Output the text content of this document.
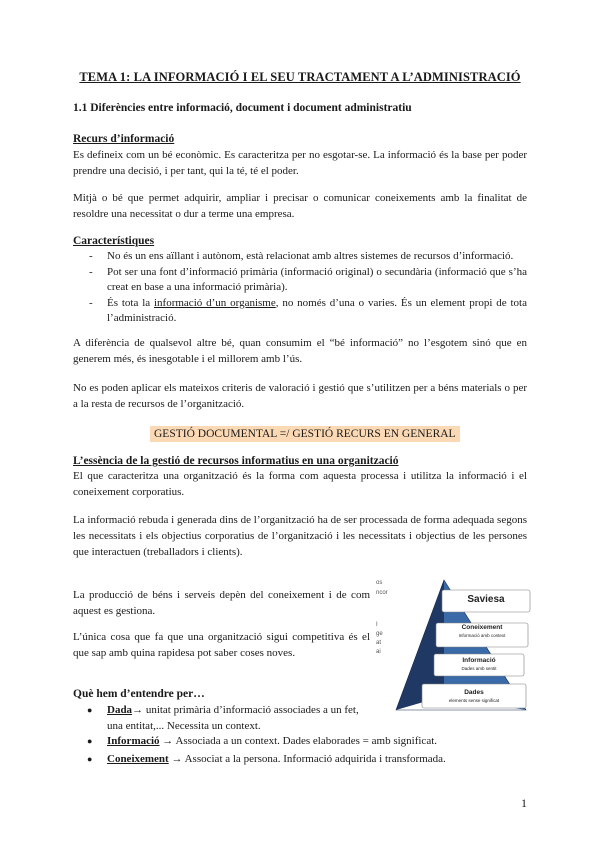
TEMA 1: LA INFORMACIÓ I EL SEU TRACTAMENT A L’ADMINISTRACIÓ
1.1 Diferències entre informació, document i document administratiu
Recurs d’informació
Es defineix com un bé econòmic. Es caracteritza per no esgotar-se. La informació és la base per poder prendre una decisió, i per tant, qui la té, té el poder.
Mitjà o bé que permet adquirir, ampliar i precisar o comunicar coneixements amb la finalitat de resoldre una necessitat o dur a terme una empresa.
Característiques
- No és un ens aïllant i autònom, està relacionat amb altres sistemes de recursos d’informació.
- Pot ser una font d’informació primària (informació original) o secundària (informació que s’ha creat en base a una informació primària).
- És tota la informació d’un organisme, no només d’una o varies. És un element propi de tota l’administració.
A diferència de qualsevol altre bé, quan consumim el “bé informació” no l’esgotem sinó que en generem més, és inesgotable i el millorem amb l’ús.
No es poden aplicar els mateixos criteris de valoració i gestió que s’utilitzen per a béns materials o per a la resta de recursos de l’organització.
GESTIÓ DOCUMENTAL =/ GESTIÓ RECURS EN GENERAL
L’essència de la gestió de recursos informatius en una organització
El que caracteritza una organització és la forma com aquesta processa i utilitza la informació i el coneixement corporatius.
La informació rebuda i generada dins de l’organització ha de ser processada de forma adequada segons les necessitats i els objectius corporatius de l’organització i les necessitats i objectius de les persones que interactuen (treballadors i clients).
La producció de béns i serveis depèn del coneixement i de com aquest es gestiona.
L’única cosa que fa que una organització sigui competitiva és el que sap amb quina rapidesa pot saber coses noves.
os
ncor
I
ge
at
ai
Saviesa
Coneixement
Informació amb context
Informació
Dades amb sentit
Dades
elements sense significat
Què hem d’entendre per…
● Dada→ unitat primària d’informació associades a un fet, una entitat,... Necessita un context.
● Informació → Associada a un context. Dades elaborades = amb significat.
● Coneixement → Associat a la persona. Informació adquirida i transformada.
1
